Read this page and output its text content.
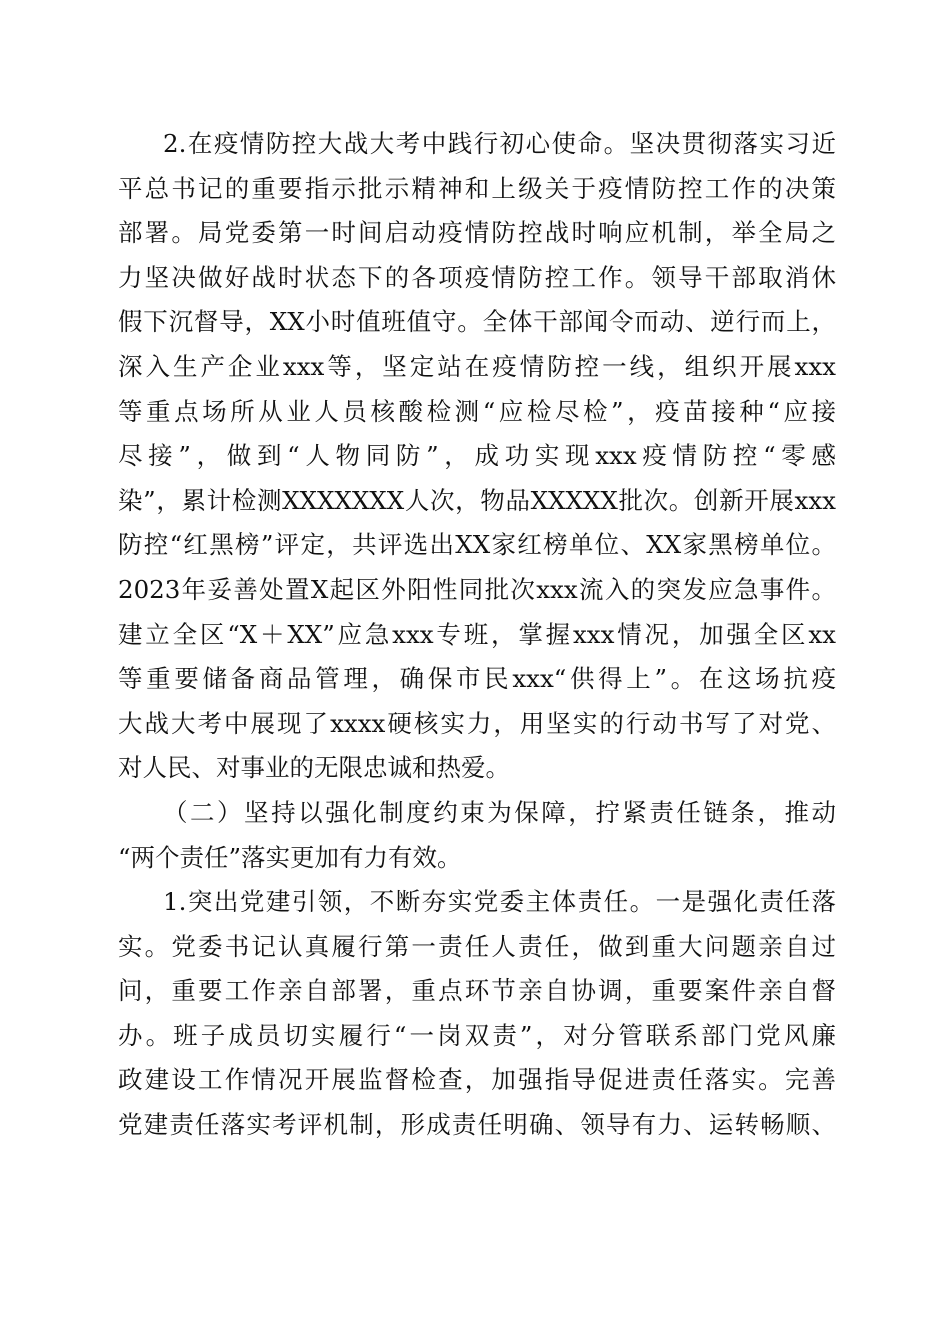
2.在疫情防控大战大考中践行初心使命。坚决贯彻落实习近
平总书记的重要指示批示精神和上级关于疫情防控工作的决策
部署。局党委第一时间启动疫情防控战时响应机制，举全局之
力坚决做好战时状态下的各项疫情防控工作。领导干部取消休
假下沉督导，XX小时值班值守。全体干部闻令而动、逆行而上，
深入生产企业xxx等，坚定站在疫情防控一线，组织开展xxx
等重点场所从业人员核酸检测“应检尽检”，疫苗接种“应接
尽接”，做到“人物同防”，成功实现xxx疫情防控“零感
染”，累计检测XXXXXXX人次，物品XXXXX批次。创新开展xxx
防控“红黑榜”评定，共评选出XX家红榜单位、XX家黑榜单位。
2023年妥善处置X起区外阳性同批次xxx流入的突发应急事件。
建立全区“X＋XX”应急xxx专班，掌握xxx情况，加强全区xx
等重要储备商品管理，确保市民xxx“供得上”。在这场抗疫
大战大考中展现了xxxx硬核实力，用坚实的行动书写了对党、
对人民、对事业的无限忠诚和热爱。
（二）坚持以强化制度约束为保障，拧紧责任链条，推动
“两个责任”落实更加有力有效。
1.突出党建引领，不断夯实党委主体责任。一是强化责任落
实。党委书记认真履行第一责任人责任，做到重大问题亲自过
问，重要工作亲自部署，重点环节亲自协调，重要案件亲自督
办。班子成员切实履行“一岗双责”，对分管联系部门党风廉
政建设工作情况开展监督检查，加强指导促进责任落实。完善
党建责任落实考评机制，形成责任明确、领导有力、运转畅顺、
